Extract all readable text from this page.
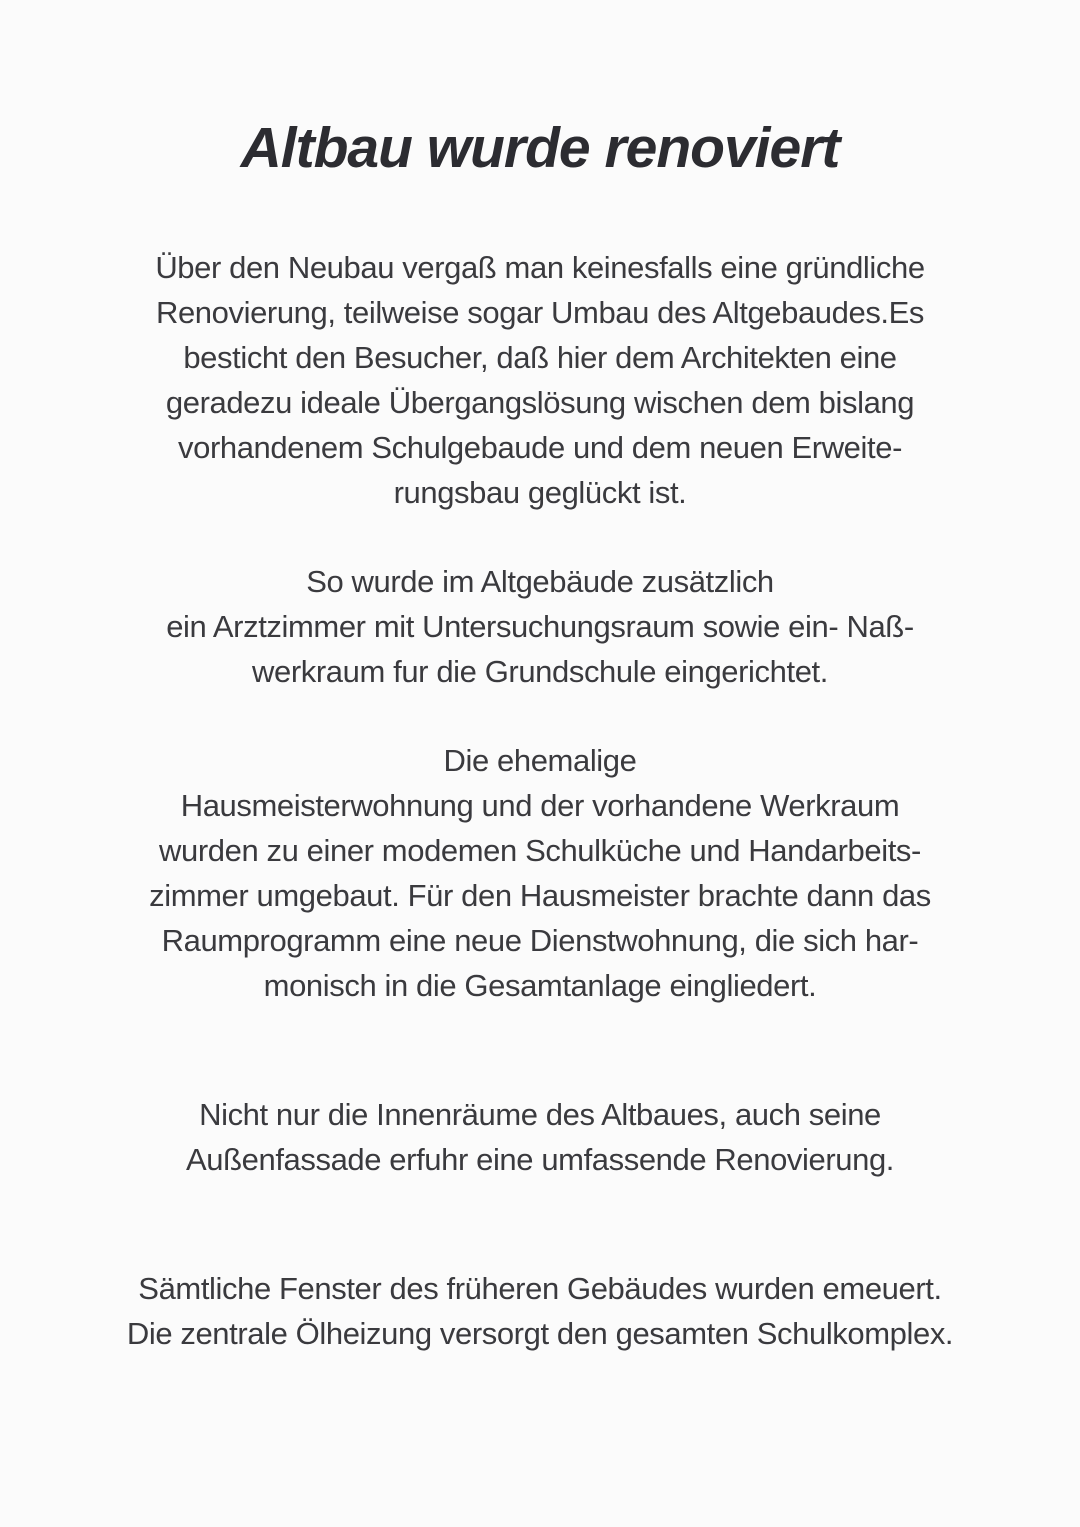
Altbau wurde renoviert
Über den Neubau vergaß man keinesfalls eine gründliche
Renovierung, teilweise sogar Umbau des Altgebaudes.Es
besticht den Besucher, daß hier dem Architekten eine
geradezu ideale Übergangslösung wischen dem bislang
vorhandenem Schulgebaude und dem neuen Erweite-
rungsbau geglückt ist.
So wurde im Altgebäude zusätzlich
ein Arztzimmer mit Untersuchungsraum sowie ein- Naß-
werkraum fur die Grundschule eingerichtet.
Die ehemalige
Hausmeisterwohnung und der vorhandene Werkraum
wurden zu einer modemen Schulküche und Handarbeits-
zimmer umgebaut. Für den Hausmeister brachte dann das
Raumprogramm eine neue Dienstwohnung, die sich har-
monisch in die Gesamtanlage eingliedert.
Nicht nur die Innenräume des Altbaues, auch seine
Außenfassade erfuhr eine umfassende Renovierung.
Sämtliche Fenster des früheren Gebäudes wurden emeuert.
Die zentrale Ölheizung versorgt den gesamten Schulkomplex.
